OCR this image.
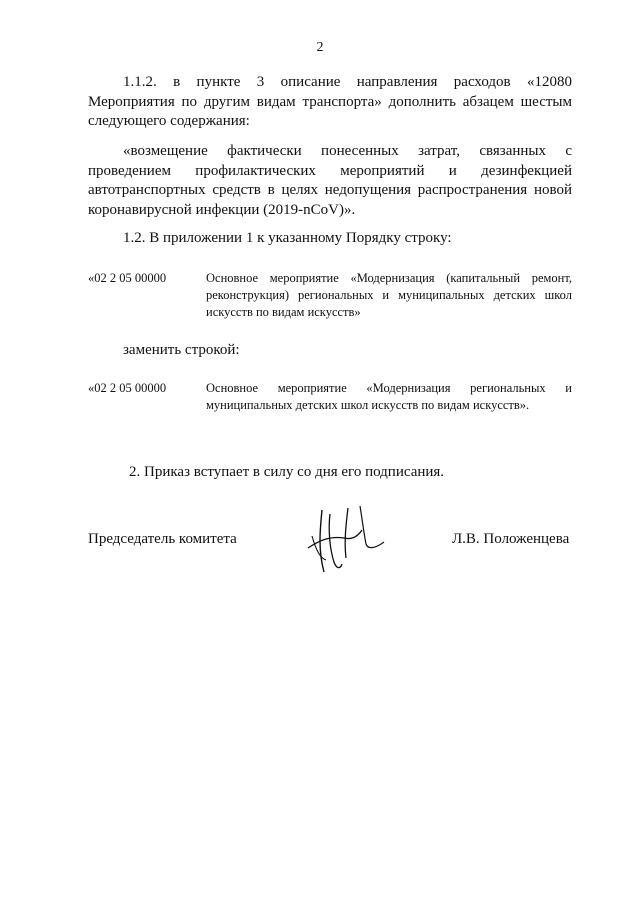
2
1.1.2. в пункте 3 описание направления расходов «12080
Мероприятия по другим видам транспорта» дополнить абзацем шестым
следующего содержания:
«возмещение фактически понесенных затрат, связанных с
проведением профилактических мероприятий и дезинфекцией
автотранспортных средств в целях недопущения распространения новой
коронавирусной инфекции (2019-nCoV)».
1.2. В приложении 1 к указанному Порядку строку:
«02 2 05 00000	Основное мероприятие «Модернизация (капитальный ремонт,
реконструкция) региональных и муниципальных детских школ
искусств по видам искусств»
заменить строкой:
«02 2 05 00000	Основное мероприятие «Модернизация региональных и
муниципальных детских школ искусств по видам искусств».
2. Приказ вступает в силу со дня его подписания.
Председатель комитета	Л.В. Положенцева
